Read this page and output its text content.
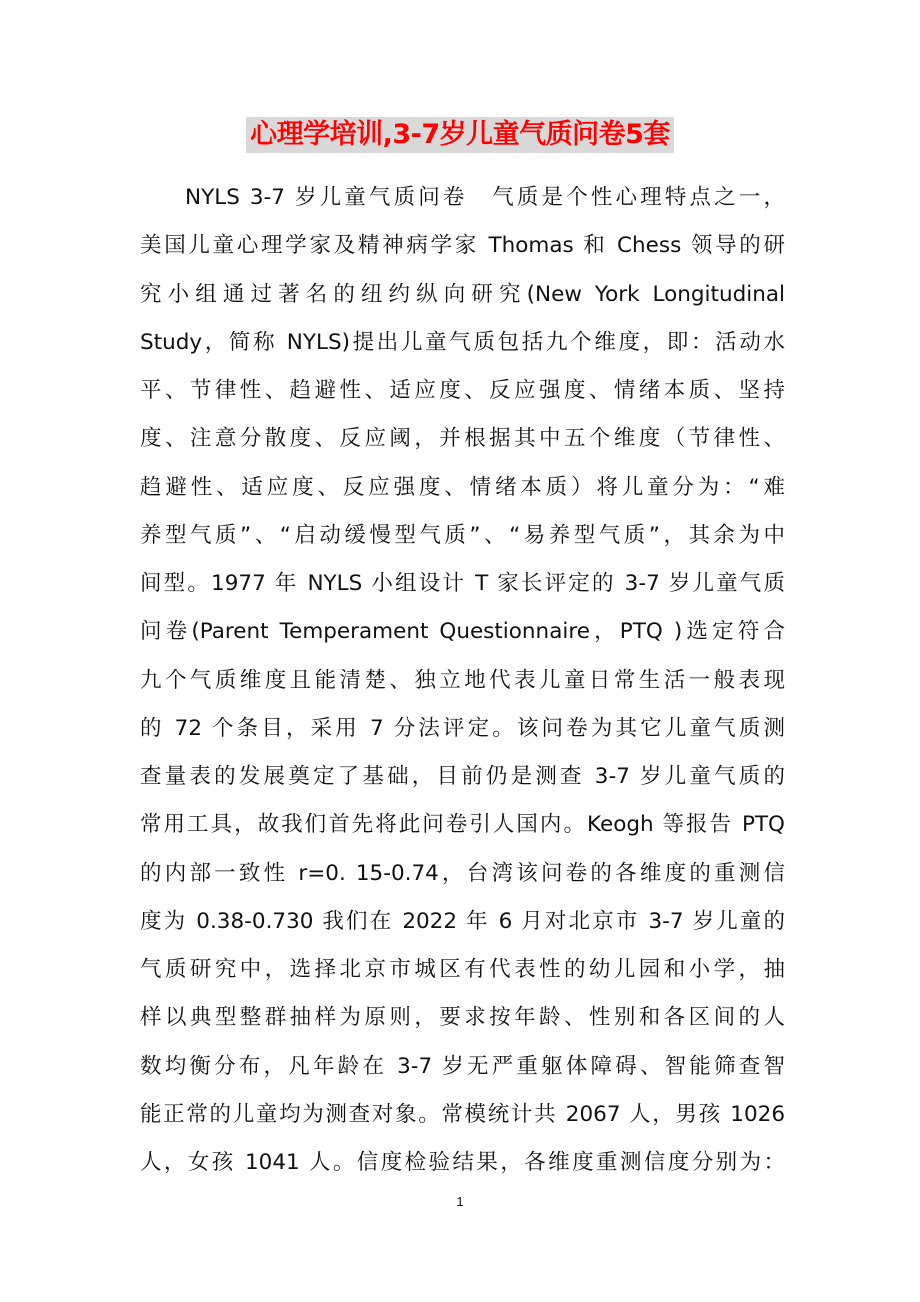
心理学培训,3-7岁儿童气质问卷5套
NYLS 3-7 岁儿童气质问卷　气质是个性心理特点之一，
美国儿童心理学家及精神病学家 Thomas 和 Chess 领导的研
究小组通过著名的纽约纵向研究(New York Longitudinal
Study，简称 NYLS)提出儿童气质包括九个维度，即：活动水
平、节律性、趋避性、适应度、反应强度、情绪本质、坚持
度、注意分散度、反应阈，并根据其中五个维度（节律性、
趋避性、适应度、反应强度、情绪本质）将儿童分为：“难
养型气质”、“启动缓慢型气质”、“易养型气质”，其余为中
间型。1977 年 NYLS 小组设计 T 家长评定的 3-7 岁儿童气质
问卷(Parent Temperament Questionnaire，PTQ )选定符合
九个气质维度且能清楚、独立地代表儿童日常生活一般表现
的 72 个条目，采用 7 分法评定。该问卷为其它儿童气质测
查量表的发展奠定了基础，目前仍是测查 3-7 岁儿童气质的
常用工具，故我们首先将此问卷引人国内。Keogh 等报告 PTQ
的内部一致性 r=0. 15-0.74，台湾该问卷的各维度的重测信
度为 0.38-0.730 我们在 2022 年 6 月对北京市 3-7 岁儿童的
气质研究中，选择北京市城区有代表性的幼儿园和小学，抽
样以典型整群抽样为原则，要求按年龄、性别和各区间的人
数均衡分布，凡年龄在 3-7 岁无严重躯体障碍、智能筛查智
能正常的儿童均为测查对象。常模统计共 2067 人，男孩 1026
人，女孩 1041 人。信度检验结果，各维度重测信度分别为：
1
